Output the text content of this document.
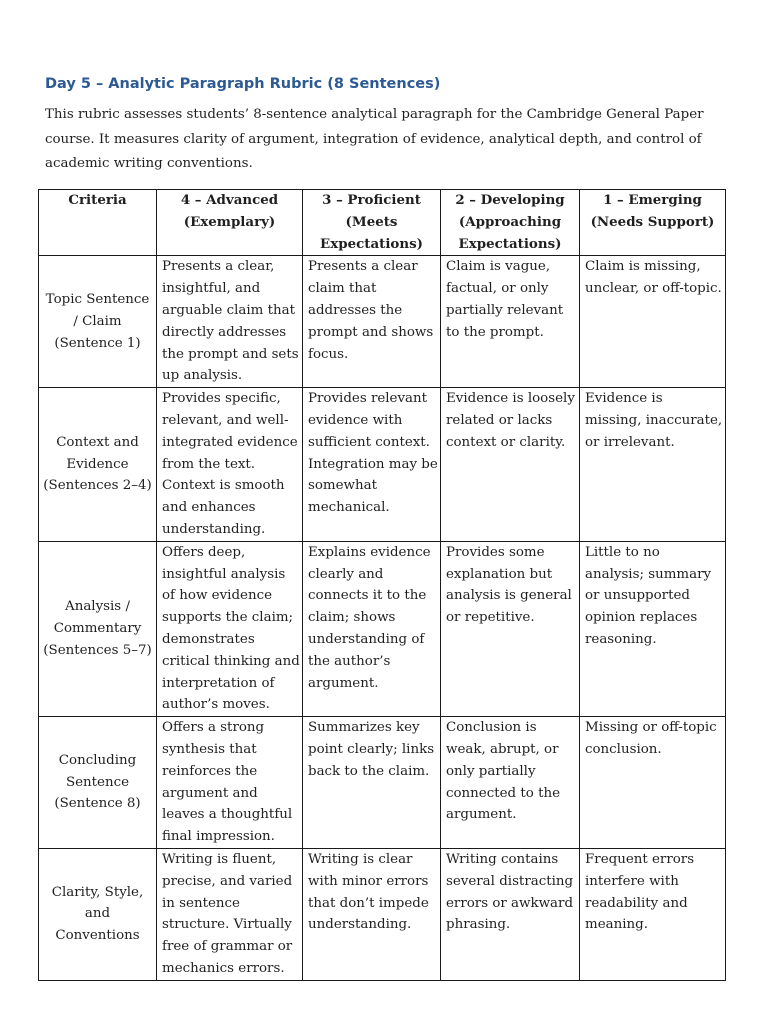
Day 5 – Analytic Paragraph Rubric (8 Sentences)

This rubric assesses students’ 8-sentence analytical paragraph for the Cambridge General Paper course. It measures clarity of argument, integration of evidence, analytical depth, and control of academic writing conventions.

Criteria	4 – Advanced (Exemplary)	3 – Proficient (Meets Expectations)	2 – Developing (Approaching Expectations)	1 – Emerging (Needs Support)
Topic Sentence / Claim (Sentence 1)	Presents a clear, insightful, and arguable claim that directly addresses the prompt and sets up analysis.	Presents a clear claim that addresses the prompt and shows focus.	Claim is vague, factual, or only partially relevant to the prompt.	Claim is missing, unclear, or off-topic.
Context and Evidence (Sentences 2–4)	Provides specific, relevant, and well-integrated evidence from the text. Context is smooth and enhances understanding.	Provides relevant evidence with sufficient context. Integration may be somewhat mechanical.	Evidence is loosely related or lacks context or clarity.	Evidence is missing, inaccurate, or irrelevant.
Analysis / Commentary (Sentences 5–7)	Offers deep, insightful analysis of how evidence supports the claim; demonstrates critical thinking and interpretation of author’s moves.	Explains evidence clearly and connects it to the claim; shows understanding of the author’s argument.	Provides some explanation but analysis is general or repetitive.	Little to no analysis; summary or unsupported opinion replaces reasoning.
Concluding Sentence (Sentence 8)	Offers a strong synthesis that reinforces the argument and leaves a thoughtful final impression.	Summarizes key point clearly; links back to the claim.	Conclusion is weak, abrupt, or only partially connected to the argument.	Missing or off-topic conclusion.
Clarity, Style, and Conventions	Writing is fluent, precise, and varied in sentence structure. Virtually free of grammar or mechanics errors.	Writing is clear with minor errors that don’t impede understanding.	Writing contains several distracting errors or awkward phrasing.	Frequent errors interfere with readability and meaning.
